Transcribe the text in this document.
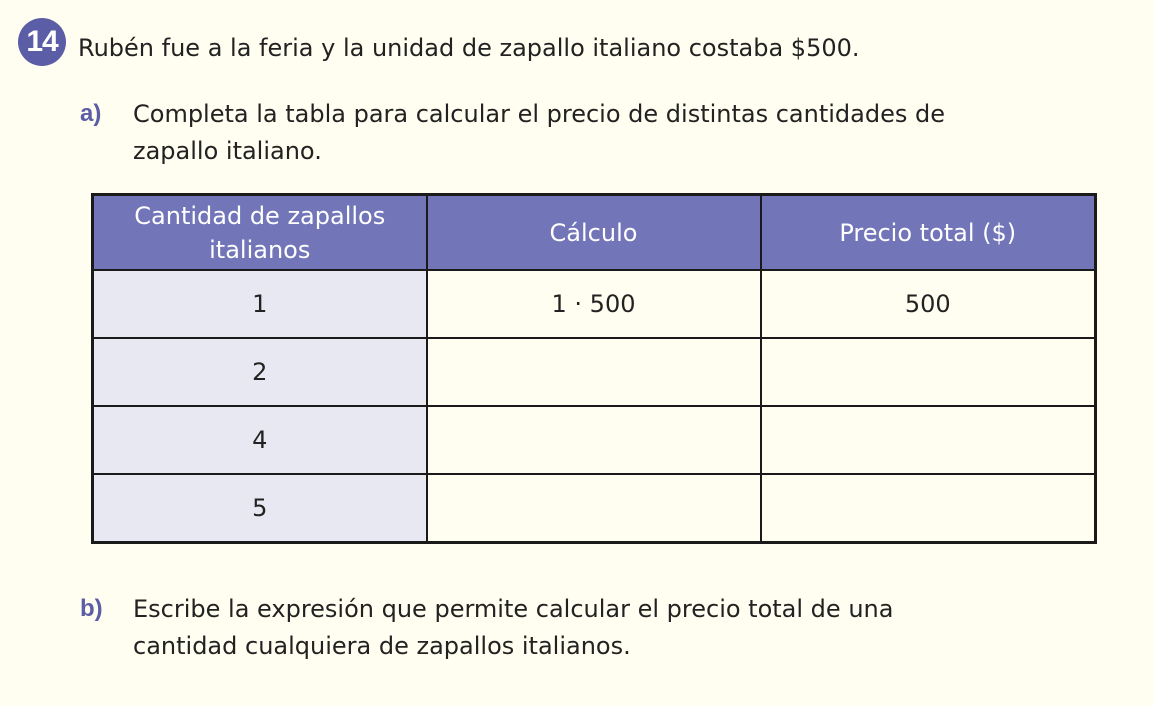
14 Rubén fue a la feria y la unidad de zapallo italiano costaba $500.
a) Completa la tabla para calcular el precio de distintas cantidades de
zapallo italiano.
Cantidad de zapallos
italianos	Cálculo	Precio total ($)
1	1 · 500	500
2		
4		
5		
b) Escribe la expresión que permite calcular el precio total de una
cantidad cualquiera de zapallos italianos.
